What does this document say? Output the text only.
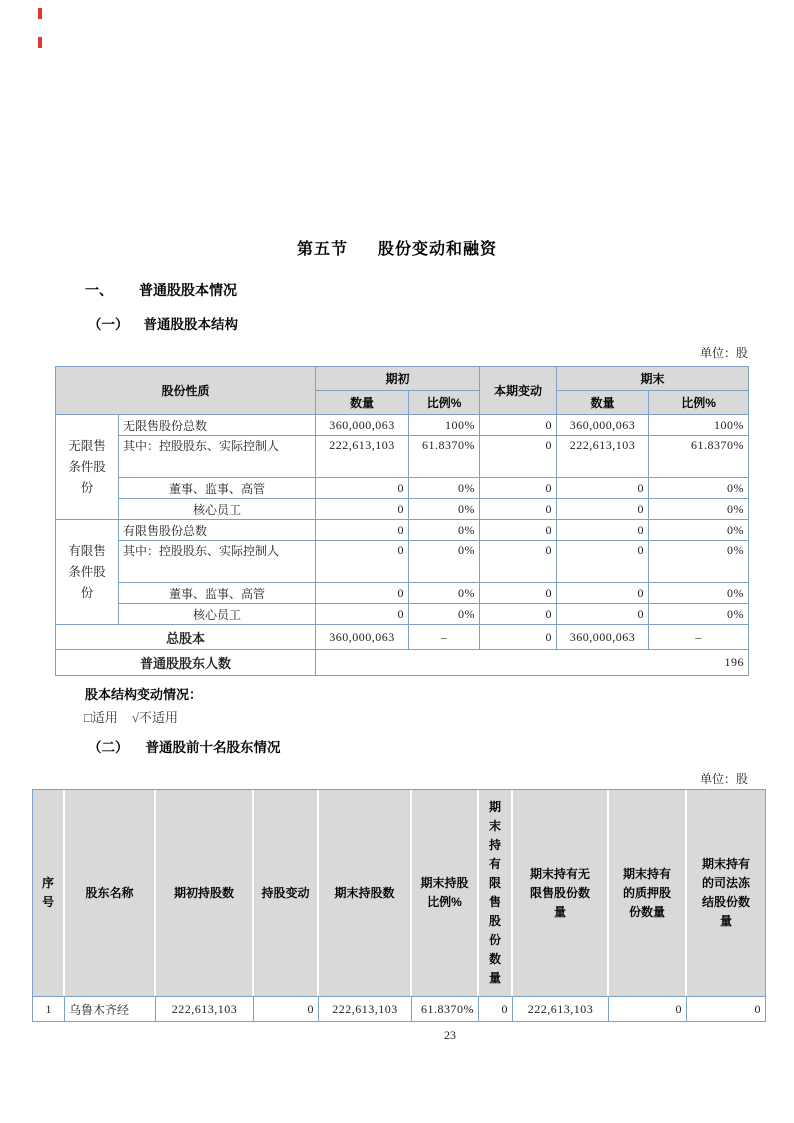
第五节 股份变动和融资
一、 普通股股本情况
（一） 普通股股本结构
单位：股
股份性质		期初		本期变动	期末	
		数量	比例%		数量	比例%
无限售条件股份	无限售股份总数	360,000,063	100%	0	360,000,063	100%
	其中：控股股东、实际控制人	222,613,103	61.8370%	0	222,613,103	61.8370%
	董事、监事、高管	0	0%	0	0	0%
	核心员工	0	0%	0	0	0%
有限售条件股份	有限售股份总数	0	0%	0	0	0%
	其中：控股股东、实际控制人	0	0%	0	0	0%
	董事、监事、高管	0	0%	0	0	0%
	核心员工	0	0%	0	0	0%
总股本		360,000,063	–	0	360,000,063	–
普通股股东人数		196				
股本结构变动情况：
□适用 √不适用
（二） 普通股前十名股东情况
单位：股
序号	股东名称	期初持股数	持股变动	期末持股数	期末持股比例%	期末持有限售股份数量	期末持有无限售股份数量	期末持有的质押股份数量	期末持有的司法冻结股份数量
1	乌鲁木齐经	222,613,103	0	222,613,103	61.8370%	0	222,613,103	0	0
23
